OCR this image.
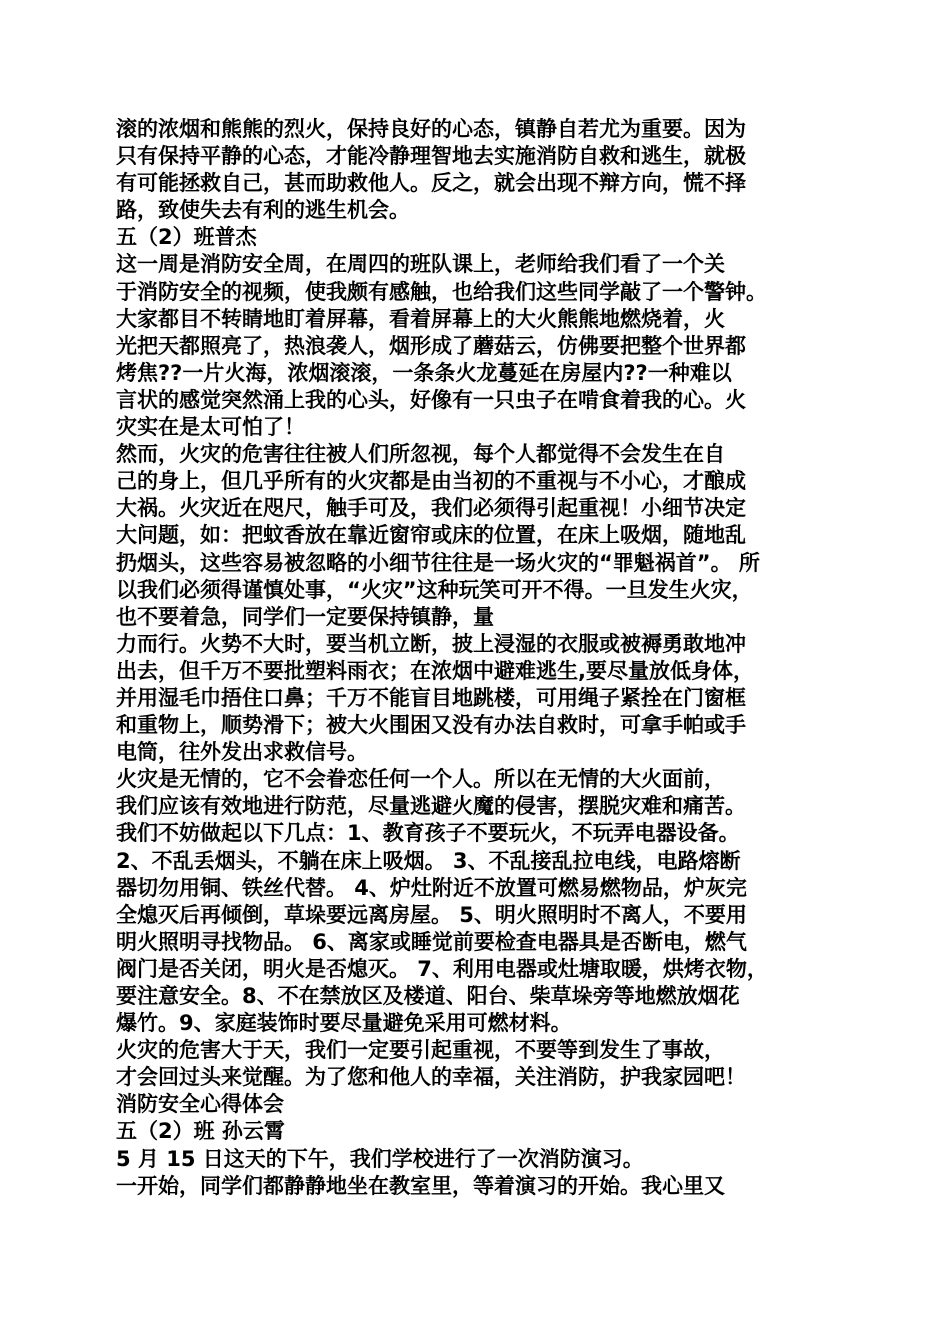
滚的浓烟和熊熊的烈火，保持良好的心态，镇静自若尤为重要。因为
只有保持平静的心态，才能冷静理智地去实施消防自救和逃生，就极
有可能拯救自己，甚而助救他人。反之，就会出现不辩方向，慌不择
路，致使失去有利的逃生机会。
五（2）班普杰
这一周是消防安全周，在周四的班队课上，老师给我们看了一个关
于消防安全的视频，使我颇有感触，也给我们这些同学敲了一个警钟。
大家都目不转睛地盯着屏幕，看着屏幕上的大火熊熊地燃烧着，火
光把天都照亮了，热浪袭人，烟形成了蘑菇云，仿佛要把整个世界都
烤焦??一片火海，浓烟滚滚，一条条火龙蔓延在房屋内??一种难以
言状的感觉突然涌上我的心头，好像有一只虫子在啃食着我的心。火
灾实在是太可怕了！
然而，火灾的危害往往被人们所忽视，每个人都觉得不会发生在自
己的身上，但几乎所有的火灾都是由当初的不重视与不小心，才酿成
大祸。火灾近在咫尺，触手可及，我们必须得引起重视！小细节决定
大问题，如：把蚊香放在靠近窗帘或床的位置，在床上吸烟，随地乱
扔烟头，这些容易被忽略的小细节往往是一场火灾的“罪魁祸首”。 所
以我们必须得谨慎处事，“火灾”这种玩笑可开不得。一旦发生火灾，
也不要着急，同学们一定要保持镇静，量
力而行。火势不大时，要当机立断，披上浸湿的衣服或被褥勇敢地冲
出去，但千万不要批塑料雨衣；在浓烟中避难逃生,要尽量放低身体，
并用湿毛巾捂住口鼻；千万不能盲目地跳楼，可用绳子紧拴在门窗框
和重物上，顺势滑下；被大火围困又没有办法自救时，可拿手帕或手
电筒，往外发出求救信号。
火灾是无情的，它不会眷恋任何一个人。所以在无情的大火面前，
我们应该有效地进行防范，尽量逃避火魔的侵害，摆脱灾难和痛苦。
我们不妨做起以下几点：1、教育孩子不要玩火，不玩弄电器设备。
2、不乱丢烟头，不躺在床上吸烟。 3、不乱接乱拉电线，电路熔断
器切勿用铜、铁丝代替。 4、炉灶附近不放置可燃易燃物品，炉灰完
全熄灭后再倾倒，草垛要远离房屋。 5、明火照明时不离人，不要用
明火照明寻找物品。 6、离家或睡觉前要检查电器具是否断电，燃气
阀门是否关闭，明火是否熄灭。 7、利用电器或灶塘取暖，烘烤衣物，
要注意安全。8、不在禁放区及楼道、阳台、柴草垛旁等地燃放烟花
爆竹。9、家庭装饰时要尽量避免采用可燃材料。
火灾的危害大于天，我们一定要引起重视，不要等到发生了事故，
才会回过头来觉醒。为了您和他人的幸福，关注消防，护我家园吧！
消防安全心得体会
五（2）班 孙云霄
5 月 15 日这天的下午，我们学校进行了一次消防演习。
一开始，同学们都静静地坐在教室里，等着演习的开始。我心里又
